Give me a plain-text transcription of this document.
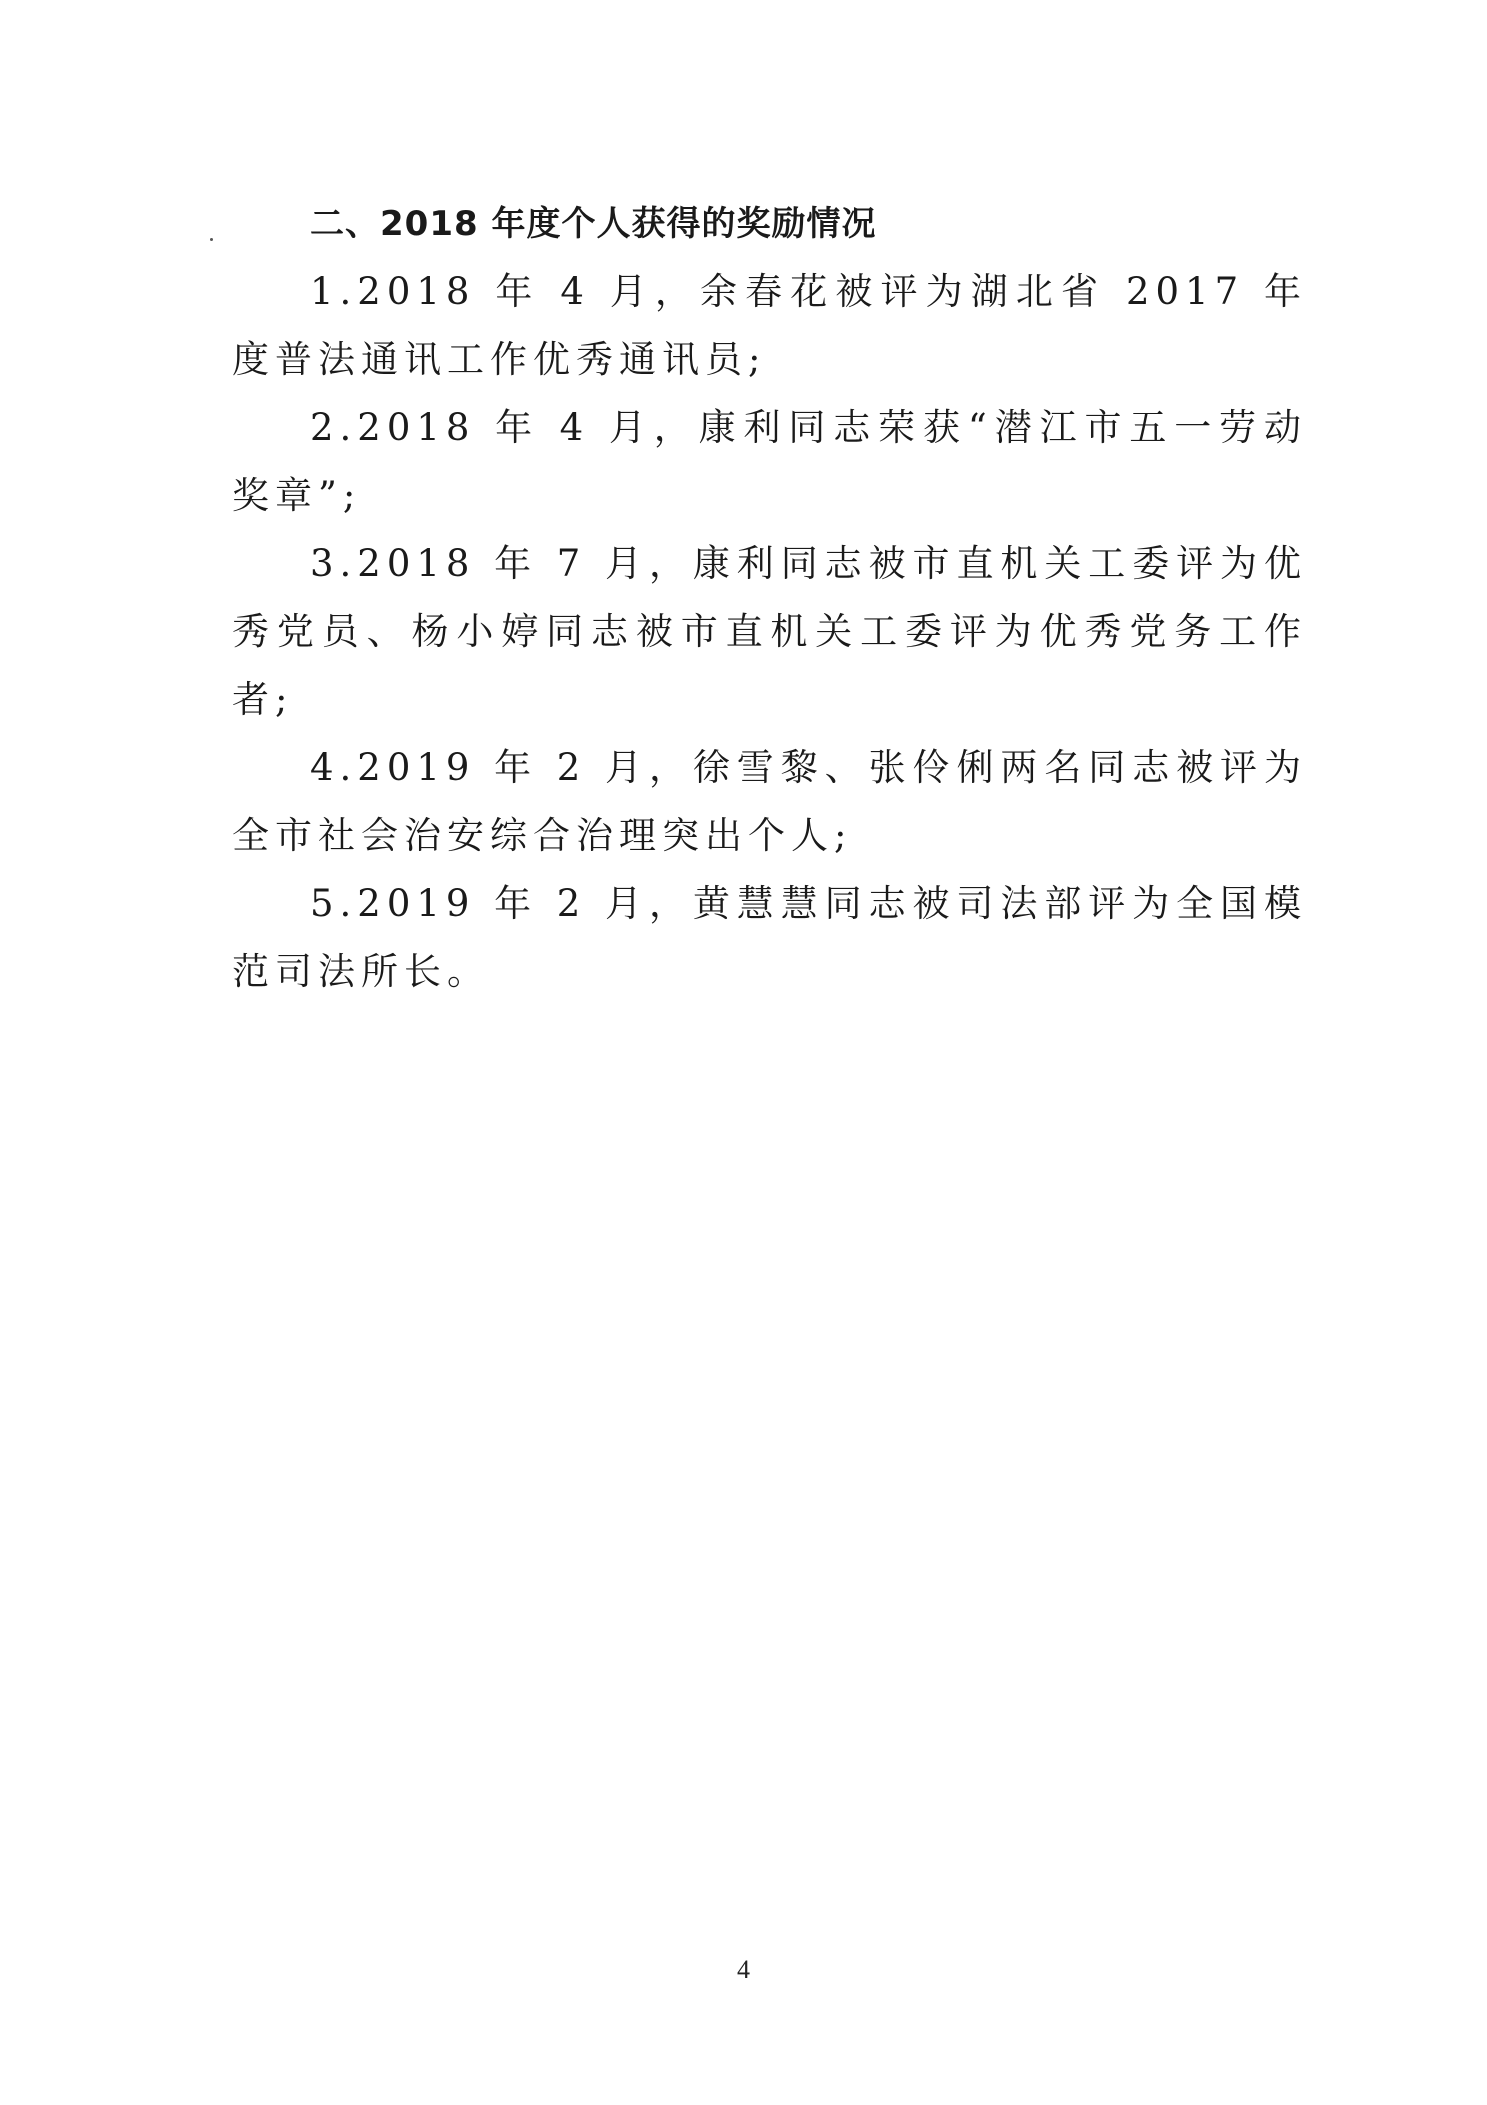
二、2018 年度个人获得的奖励情况

1.2018 年 4 月，余春花被评为湖北省 2017 年度普法通讯工作优秀通讯员;

2.2018 年 4 月，康利同志荣获“潜江市五一劳动奖章”;

3.2018 年 7 月，康利同志被市直机关工委评为优秀党员、杨小婷同志被市直机关工委评为优秀党务工作者;

4.2019 年 2 月，徐雪黎、张伶俐两名同志被评为全市社会治安综合治理突出个人;

5.2019 年 2 月，黄慧慧同志被司法部评为全国模范司法所长。

4
